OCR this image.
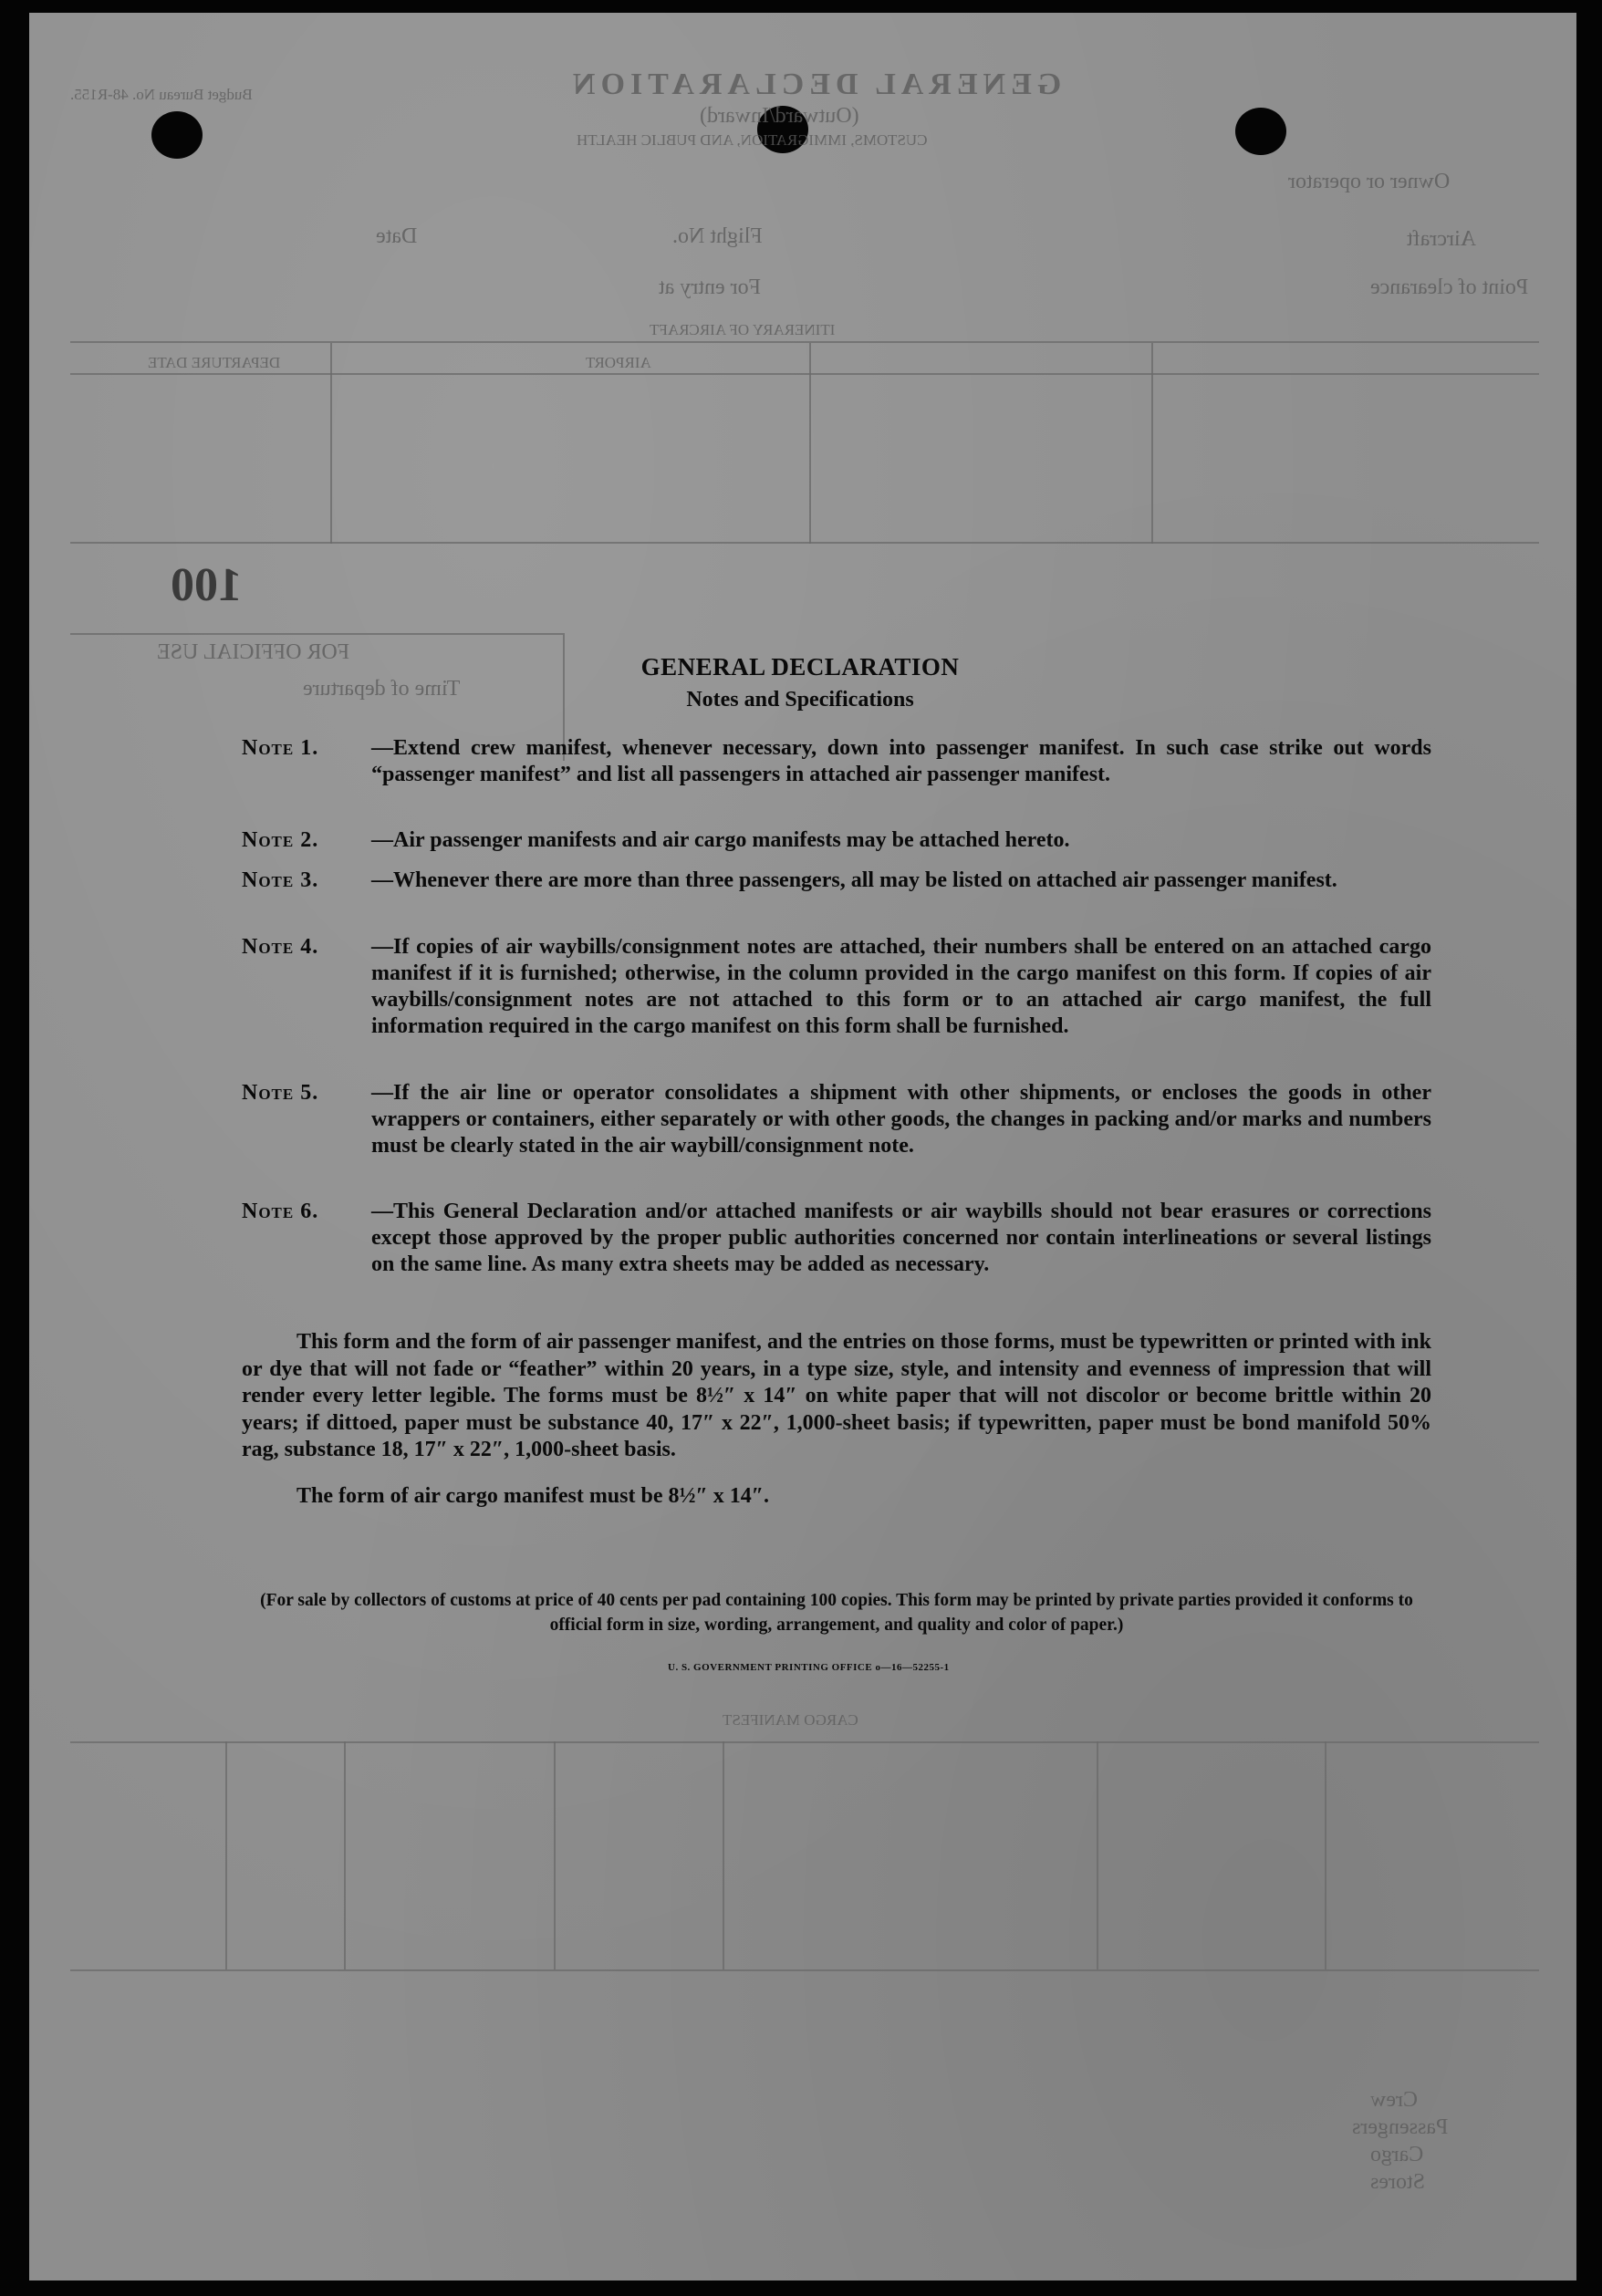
GENERAL DECLARATION
(Outward/Inward)
CUSTOMS, IMMIGRATION, AND PUBLIC HEALTH
Budget Bureau No. 48-R155.
Owner or operator
Aircraft
Flight No.
Date
Point of clearance
For entry at
ITINERARY OF AIRCRAFT
DEPARTURE DATE	AIRPORT
100
FOR OFFICIAL USE
Time of departure
CARGO MANIFEST
Crew
Passengers
Cargo
Stores
GENERAL DECLARATION
Notes and Specifications
Note 1.	—Extend crew manifest, whenever necessary, down into passenger manifest. In such case strike out words “passenger manifest” and list all passengers in attached air passenger manifest.
Note 2.	—Air passenger manifests and air cargo manifests may be attached hereto.
Note 3.	—Whenever there are more than three passengers, all may be listed on attached air passenger manifest.
Note 4.	—If copies of air waybills/consignment notes are attached, their numbers shall be entered on an attached cargo manifest if it is furnished; otherwise, in the column provided in the cargo manifest on this form. If copies of air waybills/consignment notes are not attached to this form or to an attached air cargo manifest, the full information required in the cargo manifest on this form shall be furnished.
Note 5.	—If the air line or operator consolidates a shipment with other shipments, or encloses the goods in other wrappers or containers, either separately or with other goods, the changes in packing and/or marks and numbers must be clearly stated in the air waybill/consignment note.
Note 6.	—This General Declaration and/or attached manifests or air waybills should not bear erasures or corrections except those approved by the proper public authorities concerned nor contain interlineations or several listings on the same line. As many extra sheets may be added as necessary.
This form and the form of air passenger manifest, and the entries on those forms, must be typewritten or printed with ink or dye that will not fade or “feather” within 20 years, in a type size, style, and intensity and evenness of impression that will render every letter legible. The forms must be 8½″ x 14″ on white paper that will not discolor or become brittle within 20 years; if dittoed, paper must be substance 40, 17″ x 22″, 1,000-sheet basis; if typewritten, paper must be bond manifold 50% rag, substance 18, 17″ x 22″, 1,000-sheet basis.
The form of air cargo manifest must be 8½″ x 14″.
(For sale by collectors of customs at price of 40 cents per pad containing 100 copies. This form may be printed by private parties provided it conforms to official form in size, wording, arrangement, and quality and color of paper.)
U. S. GOVERNMENT PRINTING OFFICE o—16—52255-1
